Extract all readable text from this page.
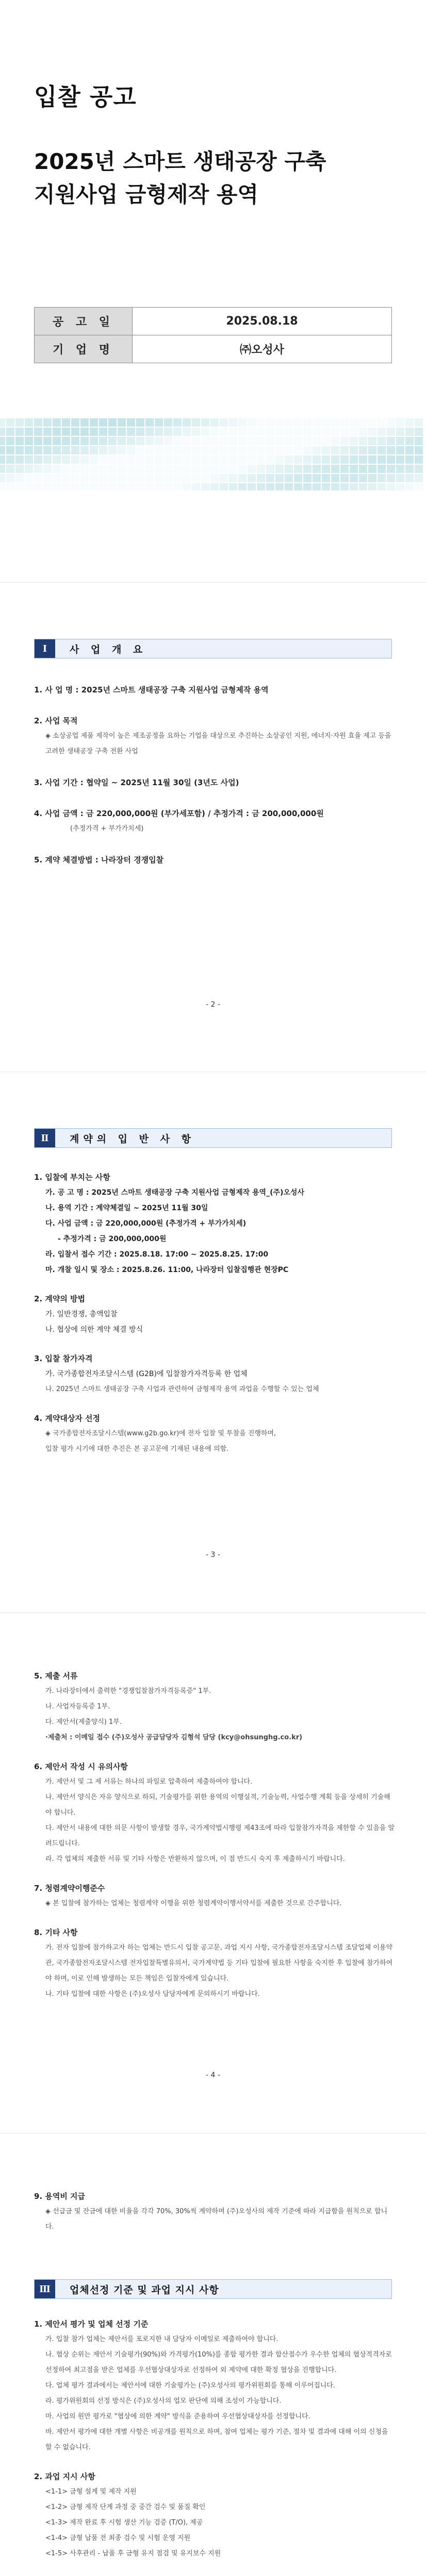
입찰 공고
2025년 스마트 생태공장 구축
지원사업 금형제작 용역
공 고 일	2025.08.18
기 업 명	㈜오성사
Ⅰ	사 업 개 요
1. 사 업 명 : 2025년 스마트 생태공장 구축 지원사업 금형제작 용역
2. 사업 목적
◈ 소상공업 제품 제작이 높은 제조공정을 요하는 기업을 대상으로 추진하는 소상공인 지원, 에너지·자원 효율 제고 등을 고려한 생태공장 구축 전환 사업
3. 사업 기간 : 협약일 ~ 2025년 11월 30일 (3년도 사업)
4. 사업 금액 : 금 220,000,000원 (부가세포함) / 추정가격 : 금 200,000,000원
(추정가격 + 부가가치세)
5. 계약 체결방법 : 나라장터 경쟁입찰
- 2 -
Ⅱ	계약의 입 반 사 항
1. 입찰에 부치는 사항
가. 공 고 명 : 2025년 스마트 생태공장 구축 지원사업 금형제작 용역_(주)오성사
나. 용역 기간 : 계약체결일 ~ 2025년 11월 30일
다. 사업 금액 : 금 220,000,000원 (추정가격 + 부가가치세)
- 추정가격 : 금 200,000,000원
라. 입찰서 접수 기간 : 2025.8.18. 17:00 ~ 2025.8.25. 17:00
마. 개찰 일시 및 장소 : 2025.8.26. 11:00, 나라장터 입찰집행관 현장PC
2. 계약의 방법
가. 일반경쟁, 총액입찰
나. 협상에 의한 계약 체결 방식
3. 입찰 참가자격
가. 국가종합전자조달시스템 (G2B)에 입찰참가자격등록 한 업체
나. 2025년 스마트 생태공장 구축 사업과 관련하여 금형제작 용역 과업을 수행할 수 있는 업체
4. 계약대상자 선정
◈ 국가종합전자조달시스템(www.g2b.go.kr)에 전자 입찰 및 투찰을 진행하며,
입찰 평가 시기에 대한 추진은 본 공고문에 기재된 내용에 의함.
- 3 -
5. 제출 서류
가. 나라장터에서 출력한 "경쟁입찰참가자격등록증" 1부.
나. 사업자등록증 1부.
다. 제안서(제출양식) 1부.
·제출처 : 이메일 접수 (주)오성사 공급담당자 김형석 담당 (kcy@ohsunghg.co.kr)
6. 제안서 작성 시 유의사항
가. 제안서 및 그 제 서류는 하나의 파일로 압축하여 제출하여야 합니다.
나. 제안서 양식은 자유 양식으로 하되, 기술평가를 위한 용역의 이행실적, 기술능력, 사업수행 계획 등을 상세히 기술해야 합니다.
다. 제안서 내용에 대한 의문 사항이 발생할 경우, 국가계약법시행령 제43조에 따라 입찰참가자격을 제한할 수 있음을 알려드립니다.
라. 각 업체의 제출한 서류 및 기타 사항은 반환하지 않으며, 이 점 반드시 숙지 후 제출하시기 바랍니다.
7. 청렴계약이행준수
◈ 본 입찰에 참가하는 업체는 청렴계약 이행을 위한 청렴계약이행서약서를 제출한 것으로 간주합니다.
8. 기타 사항
가. 전자 입찰에 참가하고자 하는 업체는 반드시 입찰 공고문, 과업 지시 사항, 국가종합전자조달시스템 조달업체 이용약관, 국가종합전자조달시스템 전자입찰특별유의서, 국가계약법 등 기타 입찰에 필요한 사항을 숙지한 후 입찰에 참가하여야 하며, 이로 인해 발생하는 모든 책임은 입찰자에게 있습니다.
나. 기타 입찰에 대한 사항은 (주)오성사 담당자에게 문의하시기 바랍니다.
- 4 -
9. 용역비 지급
◈ 선급금 및 잔금에 대한 비율을 각각 70%, 30%씩 계약하며 (주)오성사의 제작 기준에 따라 지급함을 원칙으로 합니다.
Ⅲ	업체선정 기준 및 과업 지시 사항
1. 제안서 평가 및 업체 선정 기준
가. 입찰 참가 업체는 제안서를 포로지한 내 담당자 이메일로 제출하여야 합니다.
나. 협상 순위는 제안서 기술평가(90%)와 가격평가(10%)를 종합 평가한 결과 합산점수가 우수한 업체의 협상적격자로 선정하여 최고점을 받은 업체를 우선협상대상자로 선정하여 외 제약에 대한 확정 협상을 진행합니다.
다. 업체 평가 결과에서는 제안서에 대한 기술평가는 (주)오성사의 평가위원회를 통해 이루어집니다.
라. 평가위원회의 선정 방식은 (주)오성사의 업모 판단에 의해 조성이 가능합니다.
마. 사업의 원만 평가로 "협상에 의한 계약" 방식을 준용하여 우선협상대상자를 선정합니다.
바. 제안서 평가에 대한 개별 사항은 비공개를 원칙으로 하며, 참여 업체는 평가 기준, 절차 및 결과에 대해 이의 신청을 할 수 없습니다.
2. 과업 지시 사항
<1-1> 금형 설계 및 제작 지원
<1-2> 금형 제작 단계 과정 중 중간 검수 및 품질 확인
<1-3> 제작 완료 후 시험 생산 기능 검증 (T/O), 제공
<1-4> 금형 납품 전 최종 검수 및 시험 운영 지원
<1-5> 사후관리 - 납품 후 금형 유지 점검 및 유지보수 지원
